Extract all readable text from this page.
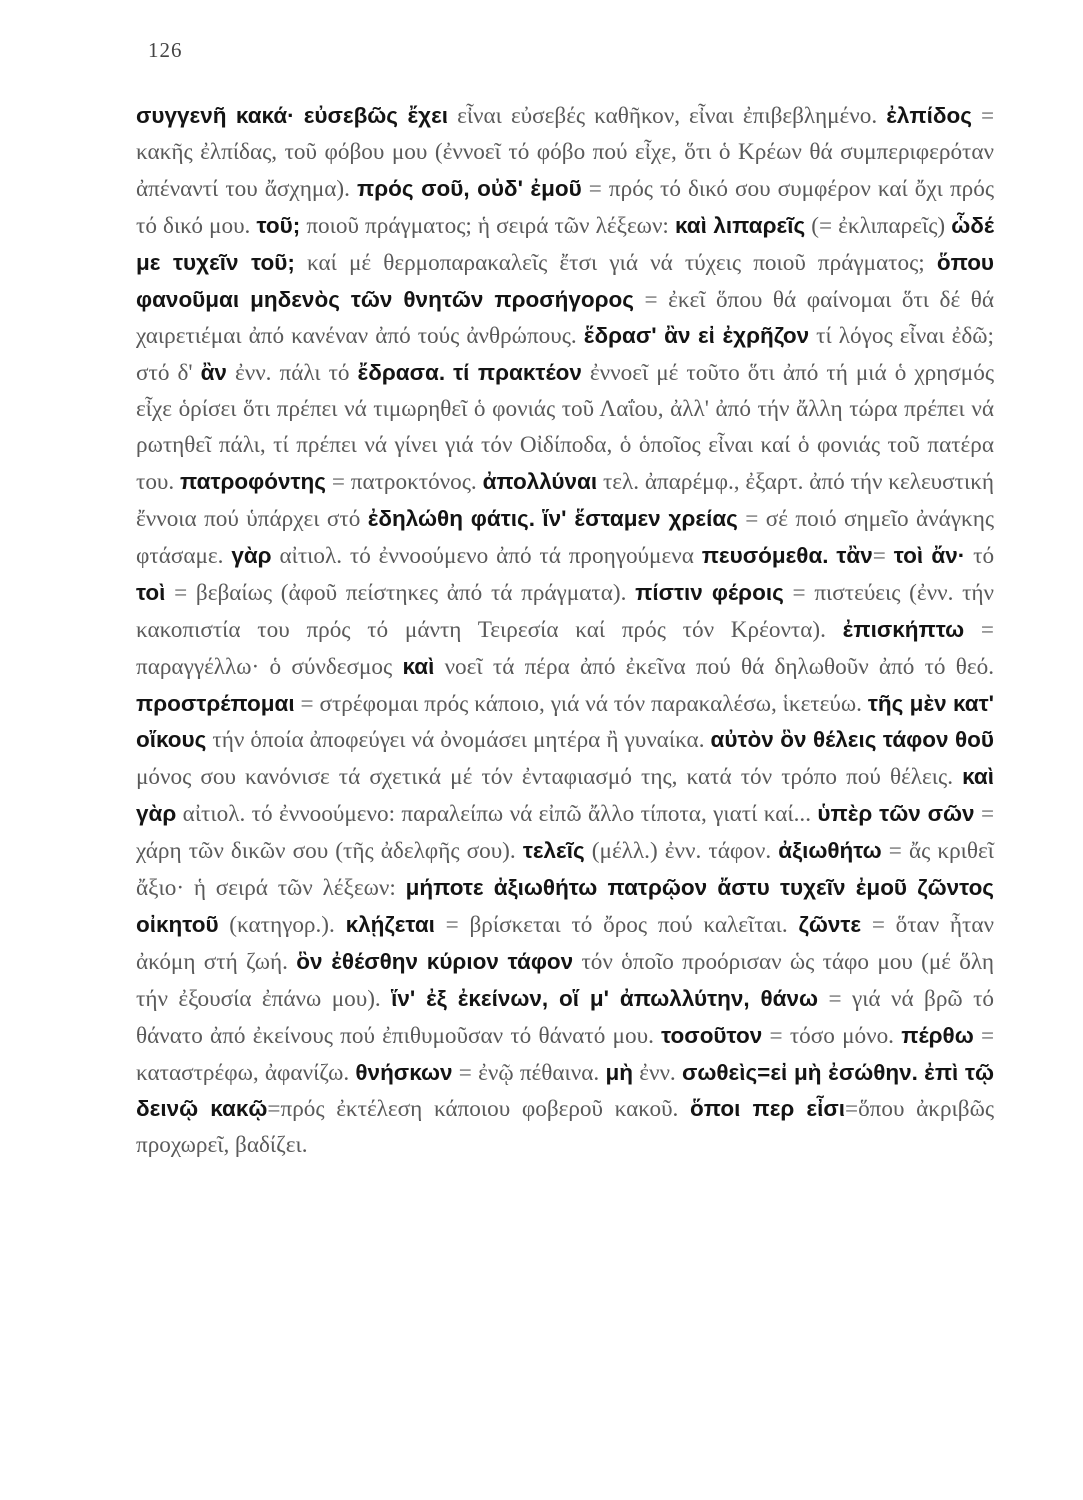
126
συγγενῆ κακά· εὐσεβῶς ἔχει εἶναι εὐσεβές καθῆκον, εἶναι ἐπιβεβλημένο. ἐλπίδος = κακῆς ἐλπίδας, τοῦ φόβου μου (ἐννοεῖ τό φόβο πού εἶχε, ὅτι ὁ Κρέων θά συμπεριφερόταν ἀπέναντί του ἄσχημα). πρός σοῦ, οὐδ' ἐμοῦ = πρός τό δικό σου συμφέρον καί ὄχι πρός τό δικό μου. τοῦ; ποιοῦ πράγματος; ἡ σειρά τῶν λέξεων: καὶ λιπαρεῖς (= ἐκλιπαρεῖς) ὧδέ με τυχεῖν τοῦ; καί μέ θερμοπαρακαλεῖς ἔτσι γιά νά τύχεις ποιοῦ πράγματος; ὅπου φανοῦμαι μηδενὸς τῶν θνητῶν προσήγορος = ἐκεῖ ὅπου θά φαίνομαι ὅτι δέ θά χαιρετιέμαι ἀπό κανέναν ἀπό τούς ἀνθρώπους. ἕδρασ' ἂν εἰ ἐχρῆζον τί λόγος εἶναι ἐδῶ; στό δ' ἂν ἐνν. πάλι τό ἔδρασα. τί πρακτέον ἐννοεῖ μέ τοῦτο ὅτι ἀπό τή μιά ὁ χρησμός εἶχε ὁρίσει ὅτι πρέπει νά τιμωρηθεῖ ὁ φονιάς τοῦ Λαΐου, ἀλλ' ἀπό τήν ἄλλη τώρα πρέπει νά ρωτηθεῖ πάλι, τί πρέπει νά γίνει γιά τόν Οἰδίποδα, ὁ ὁποῖος εἶναι καί ὁ φονιάς τοῦ πατέρα του. πατροφόντης = πατροκτόνος. ἀπολλύναι τελ. ἀπαρέμφ., ἐξαρτ. ἀπό τήν κελευστική ἔννοια πού ὑπάρχει στό ἐδηλώθη φάτις. ἵν' ἕσταμεν χρείας = σέ ποιό σημεῖο ἀνάγκης φτάσαμε. γὰρ αἰτιολ. τό ἐννοούμενο ἀπό τά προηγούμενα πευσόμεθα. τἂν= τοὶ ἄν· τό τοὶ = βεβαίως (ἀφοῦ πείστηκες ἀπό τά πράγματα). πίστιν φέροις = πιστεύεις (ἐνν. τήν κακοπιστία του πρός τό μάντη Τειρεσία καί πρός τόν Κρέοντα). ἐπισκήπτω = παραγγέλλω· ὁ σύνδεσμος καὶ νοεῖ τά πέρα ἀπό ἐκεῖνα πού θά δηλωθοῦν ἀπό τό θεό. προστρέπομαι = στρέφομαι πρός κάποιο, γιά νά τόν παρακαλέσω, ἱκετεύω. τῆς μὲν κατ' οἴκους τήν ὁποία ἀποφεύγει νά ὀνομάσει μητέρα ἢ γυναίκα. αὐτὸν ὃν θέλεις τάφον θοῦ μόνος σου κανόνισε τά σχετικά μέ τόν ἐνταφιασμό της, κατά τόν τρόπο πού θέλεις. καὶ γὰρ αἰτιολ. τό ἐννοούμενο: παραλείπω νά εἰπῶ ἄλλο τίποτα, γιατί καί... ὑπὲρ τῶν σῶν = χάρη τῶν δικῶν σου (τῆς ἀδελφῆς σου). τελεῖς (μέλλ.) ἐνν. τάφον. ἀξιωθήτω = ἄς κριθεῖ ἄξιο· ἡ σειρά τῶν λέξεων: μήποτε ἀξιωθήτω πατρῷον ἄστυ τυχεῖν ἐμοῦ ζῶντος οἰκητοῦ (κατηγορ.). κλῄζεται = βρίσκεται τό ὄρος πού καλεῖται. ζῶντε = ὅταν ἦταν ἀκόμη στή ζωή. ὃν ἐθέσθην κύριον τάφον τόν ὁποῖο προόρισαν ὡς τάφο μου (μέ ὅλη τήν ἐξουσία ἐπάνω μου). ἵν' ἐξ ἐκείνων, οἵ μ' ἀπωλλύτην, θάνω = γιά νά βρῶ τό θάνατο ἀπό ἐκείνους πού ἐπιθυμοῦσαν τό θάνατό μου. τοσοῦτον = τόσο μόνο. πέρθω = καταστρέφω, ἀφανίζω. θνήσκων = ἐνῷ πέθαινα. μὴ ἐνν. σωθεὶς=εἰ μὴ ἐσώθην. ἐπὶ τῷ δεινῷ κακῷ=πρός ἐκτέλεση κάποιου φοβεροῦ κακοῦ. ὅποι περ εἶσι=ὅπου ἀκριβῶς προχωρεῖ, βαδίζει.
